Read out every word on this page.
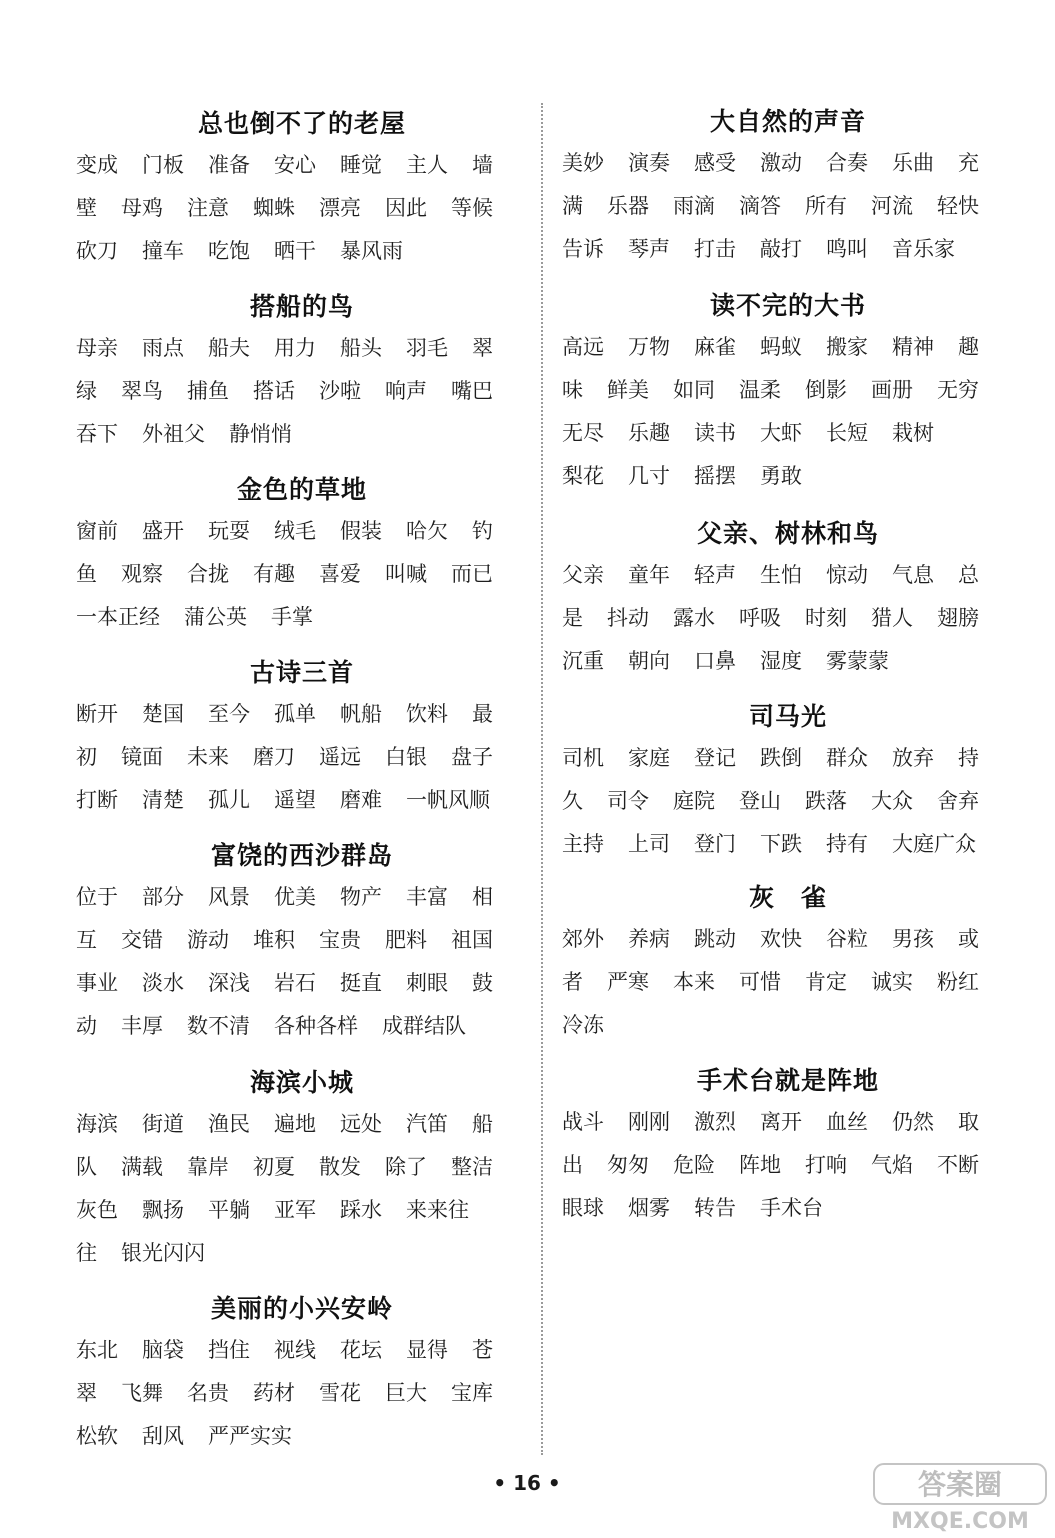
总也倒不了的老屋
变成 门板 准备 安心 睡觉 主人 墙
壁 母鸡 注意 蜘蛛 漂亮 因此 等候
砍刀 撞车 吃饱 晒干 暴风雨
搭船的鸟
母亲 雨点 船夫 用力 船头 羽毛 翠
绿 翠鸟 捕鱼 搭话 沙啦 响声 嘴巴
吞下 外祖父 静悄悄
金色的草地
窗前 盛开 玩耍 绒毛 假装 哈欠 钓
鱼 观察 合拢 有趣 喜爱 叫喊 而已
一本正经 蒲公英 手掌
古诗三首
断开 楚国 至今 孤单 帆船 饮料 最
初 镜面 未来 磨刀 遥远 白银 盘子
打断 清楚 孤儿 遥望 磨难 一帆风顺
富饶的西沙群岛
位于 部分 风景 优美 物产 丰富 相
互 交错 游动 堆积 宝贵 肥料 祖国
事业 淡水 深浅 岩石 挺直 刺眼 鼓
动 丰厚 数不清 各种各样 成群结队
海滨小城
海滨 街道 渔民 遍地 远处 汽笛 船
队 满载 靠岸 初夏 散发 除了 整洁
灰色 飘扬 平躺 亚军 踩水 来来往
往 银光闪闪
美丽的小兴安岭
东北 脑袋 挡住 视线 花坛 显得 苍
翠 飞舞 名贵 药材 雪花 巨大 宝库
松软 刮风 严严实实
大自然的声音
美妙 演奏 感受 激动 合奏 乐曲 充
满 乐器 雨滴 滴答 所有 河流 轻快
告诉 琴声 打击 敲打 鸣叫 音乐家
读不完的大书
高远 万物 麻雀 蚂蚁 搬家 精神 趣
味 鲜美 如同 温柔 倒影 画册 无穷
无尽 乐趣 读书 大虾 长短 栽树
梨花 几寸 摇摆 勇敢
父亲、树林和鸟
父亲 童年 轻声 生怕 惊动 气息 总
是 抖动 露水 呼吸 时刻 猎人 翅膀
沉重 朝向 口鼻 湿度 雾蒙蒙
司马光
司机 家庭 登记 跌倒 群众 放弃 持
久 司令 庭院 登山 跌落 大众 舍弃
主持 上司 登门 下跌 持有 大庭广众
灰　雀
郊外 养病 跳动 欢快 谷粒 男孩 或
者 严寒 本来 可惜 肯定 诚实 粉红
冷冻
手术台就是阵地
战斗 刚刚 激烈 离开 血丝 仍然 取
出 匆匆 危险 阵地 打响 气焰 不断
眼球 烟雾 转告 手术台
• 16 •	答案圈
MXQE.COM
